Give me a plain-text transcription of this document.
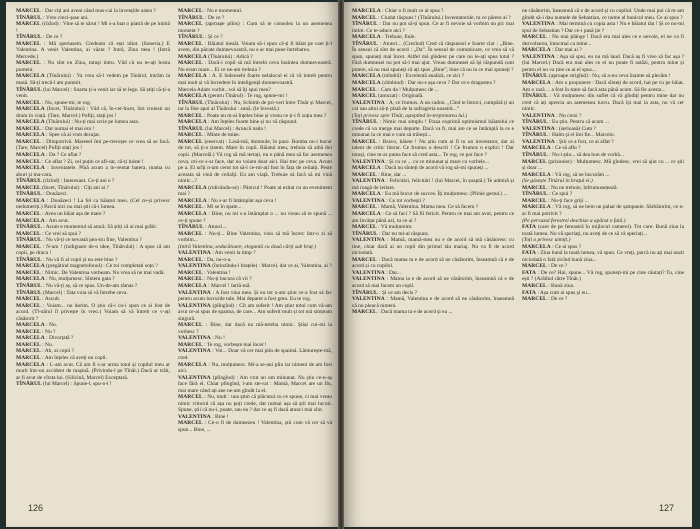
MARCEL : Dar ciți ani aveai când mus-cai la invențiile astea ?

TÎNĂRUL : Vreo cinci-șase ani.

MARCEL (rîzînd) : Vine să te sărut ! Mi s-a luat o piatră de pe inimă !

TÎNĂRUL : De ce ?

MARCEL : Mă speriasem. Credeam că ești idiot. (Soneria.) E Valentina. A venit Valentina, ai văzut ? Intră, Zina mea ! (Intră Mercede.)

MARCEL : Nu sînt eu Zina, tutuși intru. Văd că nu te-ați bosta pumeni.

MARCELA (Tînărului) : Va vrea să-l vedem pe Tinărul, intrăm la masă. Să-ți trecă-l am pumnit.

TÎNĂRUL (lui Marcel) : Soarta ți-a venit iar să te lege. Să știți că-ți-a venit.

MARCEL : Nu, spune-mi, te rog.

MARCELA (Incet, Tînărului) : Văd că, în-cet-încet, îmi croiesti un drum în viață. (Tare, Marcel.) Pofiți, stați jos !

MARCELA (Tînărului) : Nu-ți mai scrie pe lumea asta.

MARCEL : Dar numai el mai era !

MARCELA : Spee că ai vom decajat.

MARCEL : Dimpotrivă. Mareeel îmi pe-trecește ce vrea să se facă. (Tare, Marcel) Pofiți stați jos !

MARCELA : Da ? Ce aflat ?

MARCEL : Ce aflat ? Zi, cel puțin ce afl-sat, că-ți luiste !

MARCELA : Inventatele. Pînă acum a in-ventat batera, mama cu aburi și ma-cara.

TÎNĂRUL (rîzînd) : Interesant. Ce-ți ani e ?

MARCEL (Incet, Tînărului) : Cîți ani ai ?

TÎNĂRUL : Douăzeci.

MARCELA : Douăzeci ! La fel ca băiatul meu. (Cel ce-și privesc nedumeriți.) Parcă nici nu mai știi că-i lumea.

MARCEL : Avea un băiat așa de mare ?

MARCELA : Am avut.

TÎNĂRUL : Acum e momentul să atacă. Să știți că ai mai grăbi.

MARCEL : Ce vrei să spui ?

TÎNĂRUL : Nu vă-ți ce nevastă pen-tru fine, Valentina ?

MARCEL : N-am ! (indignare de-o idee, Tînărului) : A spus că am copii, pe dracu !

TÎNĂRUL : Nu vă fi al copii și nu este bine ?

MARCELA (pregătind magnetofonul) : Ce toi completati soțo ?

MARCEL : Nimic. De Valentina vorbeam. Nu vrea să ne mai vadă.

MARCELA : Nu, mulțumesc. Sîntem gata ?

TÎNĂRUL : Nu vă-ți aș, să ce spus. Un-de-am rămas ?

TÎNĂRUL (Marcel) : Tata voia să vă întrebe ceva.

MARCEL : Ascult.

MARCEL : Voiam... nu dorim. O știu că-i cu-i spun ce ai fost de acord. (Tî-nărul îl privește în vreo.) Voiam să vă întreb ce v-ați căsătorit ?

MARCELA : Nu.

MARCEL : Nu ?

MARCELA : Divorțată ?

MARCEL : Nu.

MARCEL : Ah, ai copii ?

MARCEL : Am înțeles că aveți un copil.

MARCELA : L-am avut. Că am fi s-ar urma totul și copilul meu ar murit într-un accident de mașină. (Privindu-l pe Tînăr.) Dacă ar trăit, ar fi avut de vîrsta lui. (Silicină, Marcel) Exceptară.

TÎNĂRUL (lui Marcel) : Spune-l, spu-n-l !

MARCEL : Nu e momentul.

TÎNĂRUL : De ce ?

MARCEL (aproape plîns) : Cum să te consolez la un asemenea moment ?

TÎNĂRUL : Și ce ?

MARCEL : Băiatul inesăi. Voiam să-i spun că-ți fi băiat pe care ți-l avem, din păcate dumnevoastră, nu s-ar mai pune întrebarea.

MARCELA (Tînărului) : Adică ?

MARCEL : Dacă-i copil să mă întrebi ceva înaintea dumnevoastră. Nu eram mare... Ei ce ne-am trebuia ?

MARCELA : A. E îndeosebi foarte nelalocul ei că vă intreb pentru mai mult și vă încredere în inteligență dumnevoastră.

Marcela Adam vorbit...voi să îți spui meu?

MARCELA (pentru Tînărul) : Te rog, spune-mi !

TÎNĂRUL (Tînărului) : Nu, Schimb de pri-veri între Tînăr și Marcel, iar la fine apoi al Tînărului : sună. (le învestă.)

MARCEL : Poate nu m-ai înțeles bine și vreau ce ți-i fi soția mea ?

MARCELA : Am înțeles foarte bine și nu vă răspund.

TÎNĂRUL (lui Marcel) : Aruncă nada !

MARCEL : Minte de mine.

MARCEL (enervat) : Lasă-mă, domnule, în pace. Bomba nu-i bucur de tot, să ți-o ținem. Mare în copii. Băiatul meu, trebuia să aibă doi copii. (Marcelă.) Vă rog să mă iertați, nu e până mea să fac asemenea ceva, ori-ce s-ar face, dar nu voiam doar aici. Hai trec pe ceva. Acum pe a. El urîți n-am cerut tot să-l ce-mi-ați fost în fața de ceilalți. Peste aceasta să vină de ceilalți. Eu am viață. Trebuie să facă să mi vină nimic...?

MARCELA (ridicându-se) : Pânicul ! Poate ai ezitat cu un eveniment mai ?

MARCELA : Nu s-ar fi întâmplat așa ceva !

MARCEL : Mi se în spate...

MARCELA : Bine, nu mi s-a întâmplat o ... nu vreau să te spună ... ce-ți spune ?

TÎNĂRUL : Atunci...

MARCEL : Nu-ți... Bine Valentina, vino să mă încerc într-o zi să vorbim...

(Intră Valentina, seducătoare, elegantă cu două cărți sub braț.)

VALENTINA : Am venit la timp ?

MARCEL : Da, nu-o-a.

VALENTINA (întinzîndu-i brațele) : Marcel, dar ce ai, Valentina, ai ?

MARCEL : Valentina !

MARCEL : Nu-ți bucura că vii ?

MARCELA : Marcel ! Iartă-mă.

VALENTINA : A fost vina mea. Și eu tot n-am știut ce-a fost să fac pentru acum lucrurile tale. Mai departe a fost greu. Eu te rog.

VALENTINA (plîngînd) : Cît am suferit ! Am știut totul cum vă-am avut ce-ai spus de spaima, de care... Am suferit mult și tot mă simțeam singură.

MARCEL : Bine, dar dacă nu mă-ntreba nimic. Știai cui-mi ia vorbesc ?

VALENTINA : Nu !

MARCEL : Te rog, vorbește mai încet !

VALENTINA : Voi... Doar vă cer mai plin de spaimă. Lămurește-mă, cred.

MARCELA : Nu, mulțumesc. Mi-a se-ani plin iar nimeni de am fost aici.

VALENTINA (plîngînd) : Am vrut un om minunat. Nu știu ce-n-aș face fără el. Chiar plîngînd, l-am ste-rat : Mamă, Marcel are un fiu, mai mare când ați ane ne-am gîndit la el.

MARCEL : Nu, mult : una știm că plăcutul cu ce spune, ci mai vreau nimic viitorul că așa nu poți crede, dar numai așa să știi mai lucrul. Spune, știi că nu-i, poate, sau eu ? dar ce aș fi dacă atunci mai sînt.

VALENTINA : Bine !

MARCEL : Ce-o fi de dumnezeu ! Valentina, știi cum vă cer să vă spun... Bine, ...

126

MARCELA : Chiar o fi mult ce ai spus ?

MARCEL : Ciudat răspuns ! (Tînărului.) Inventatorule, tu ce părere ai ?

TÎNĂRUL : Dar nu pot să-ți spun. Ce ar fi nevoie să vorbim un pic mai intim. Ce te-aduce aici ?

MARCELA : Trebuie, fiule.

TÎNĂRUL : Atunci... (Crezînd) Cred că răspunsul e foarte clar : „Bine. În sensul că sînt de acord : „Da”. În sensul de comunicare, ce vrea să vă spun, spuneți mai încet. Altfel mă gîndesc pe care nu le-ați spus totul ? Fără dumneaei nu pot să-l mai ajut. Vreau dumneaei să își răspundă cum putem, să nu mai spuneți că ați spus „Bine”, bine că nu la ce mai spuneți ?

MARCELA (mîndră) : Excelentă analiză, ce zici ?

MARCELA (zîmbind) : Dar nu-s așa ceva ? Dar ce e dragostea ?

MARCEL : Cam da ! Mulțumesc de ...

MARCEL (amuzat) : Originală.

VALENTINA : A, ce frumos. A un cadou. „Cînd te întorci, cumpără ți un cal sau altul să-ți plată de la sufrageria noastră...”

(Toți privesc spre Tînăr, așteptînd in-terpretarea lui.)

TÎNĂRUL : Nimic mai simplu ! Fraza exprimă optimismul băiatului ce crede că va merge mai departe. Dacă va fi, mai are ce se întâmplă la ce e minunat la ce mai e cum să trăiești...

MARCEL : Bravo, băiete ! Nu știu cum ai fi tu un inventator, dar ai talent de critic literar. Ce frumos o descrii ! Ce frumos o explici ! Dar totuși, cine m-ar putea face să cred asta... Te rog, ce pot face ?

VALENTINA : Și cu ce ... cu ce minunat și mare cu vorbele...

MARCELA : Dacă nu sînteți de acord vă rog să-mi spuneți ...

MARCEL : Bine, dar ...

VALENTINA : Felicitări, felicitări ! (lui Marcel, în șoaptă.) Te admiră și mă roagă de iertare.

MARCELA : Eu mă bucur de succes. Îți mulțumesc. (Plinie gestul.) ...

VALENTINA : Ce tot vorbești ?

MARCEL : Mamă, Valentina. Mama mea. Ce să facem ?

MARCELA : Ce să faci ? Să fii fericit. Pentru ce mai am avut, pentru ce am învățat până azi, tu ce ai ?

MARCEL : Vă mulțumim.

TÎNĂRUL : Dar nu mi-ai răspuns.

VALENTINA : Mamă, mamă-mea nu e de acord să mă căsătoresc cu tine, chiar dacă ai un copil din primul tău mariaj. Nu va fi de acord niciodată.

MARCEL : Dacă mama ta e de acord să ne căsătorim, înseamnă că e de acord și cu copilul.

VALENTINA : Dar...

VALENTINA : Mama ta e de acord să ne căsătorim, înseamnă că e de acord să mai facem un copil.

TÎNĂRUL : Și ce am decis ?

VALENTINA : Mamă, Valentina e de acord să ne căsătorim, înseamnă că nu pleacă nimeni.

MARCEL : Dacă mama ta e de acord și ea ...

ne căsătorim, înseamnă că e de acord și cu copilul. Unde mai pui că m-am gîndit să-i dau numele de Sebastian, ce nume al bunicul meu. Ce ai spus ?

VALENTINA : Mai termină cu copia asta ! Nu e băiatul tău ! Și ce nu-mi spui de Sebastian ? Dar ce-i pasă ție ?

MARCEL : Nu mai plânge ! Dacă era mai ales ce e nevoie, el ne va fi dezvoltarea, întocmai ca mine...

MARCELA : Dar mai ai ?

VALENTINA : Așa să spui, eu nu mă laud. Dacă aș fi vreo să fac așa ? (lui Marcel.) Dacă era mai ales ce el nu poate fi astăzi, pentru mine și pentru el nu va ține ce ai el spus...

TÎNĂRUL (aproape strigînd) : Nu, să a-nu ceva înainte să plecăm !

MARCELA : Am o propunere : Dacă sînteți de acord, hai pe cu pe băiat. Am o rază ... a fost în stare să facă asta până acum. Să fie acesta...

TÎNĂRUL : Vă mulțumesc din suflet că vă gîndiți pentru mine dar nu cred că ați aprecia un asemenea lucru. Dacă își mai ia asta, nu vă cer nimic.

VALENTINA : Nu crezi ?

TÎNĂRUL : Eu știu. Pentru că acum ...

VALENTINA : (serioasă) Cum ?

TÎNĂRUL : Halm și el îmi fie... Marcelo.

VALENTINA : Știi ce a fost, ce ai aflat ?

MARCELA : Ce să aflu ?

TÎNĂRUL : Nu-i știu... să dea bun de vorbă...

MARCEL (prizonier) : Mulțumesc. Mă gîndesc, vrei să ajut cu ... ce știi și doar ...

MARCELA : Vă rog, să ne bucurăm ...

(Se găsește Tînărul în brațul ei.)

MARCEL : Nu ne trebuie, înfrumusețează.

TÎNĂRUL : Ce spui ?

MARCEL : Nu-ți face griji ...

MARCELA : Vă rog, să ne bem un pahar de șampanie. Sărbătorim, ce n-ar fi mai potrivit ?

(Pe pervazul ferestrei deschise a apărut o fată.)

FATA (care de pe fereastră în mijlocul camerei). Tot care: Bună ziua la toată lumea. Nu vă speriați, nu aveți de ce să vă speriați...

(Toți o privesc uimiți.)

MARCELA : Ce ai spus ?

FATA : Ziua bună la toată lumea, vă spun. Ce vreți, parcă nu ați mai auzit niciodată o fată zicînd bună ziua...

MARCEL : De ce ?

FATA : De ce? Hai, spune... Vă rog, spuneți-mi pe cine căutați? Tu, cine ești ? (Arătînd către Tînăr.)

MARCEL : Bună ziua.

FATA : Așa cum ai spus și eu...

MARCEL : De ce ?

127
